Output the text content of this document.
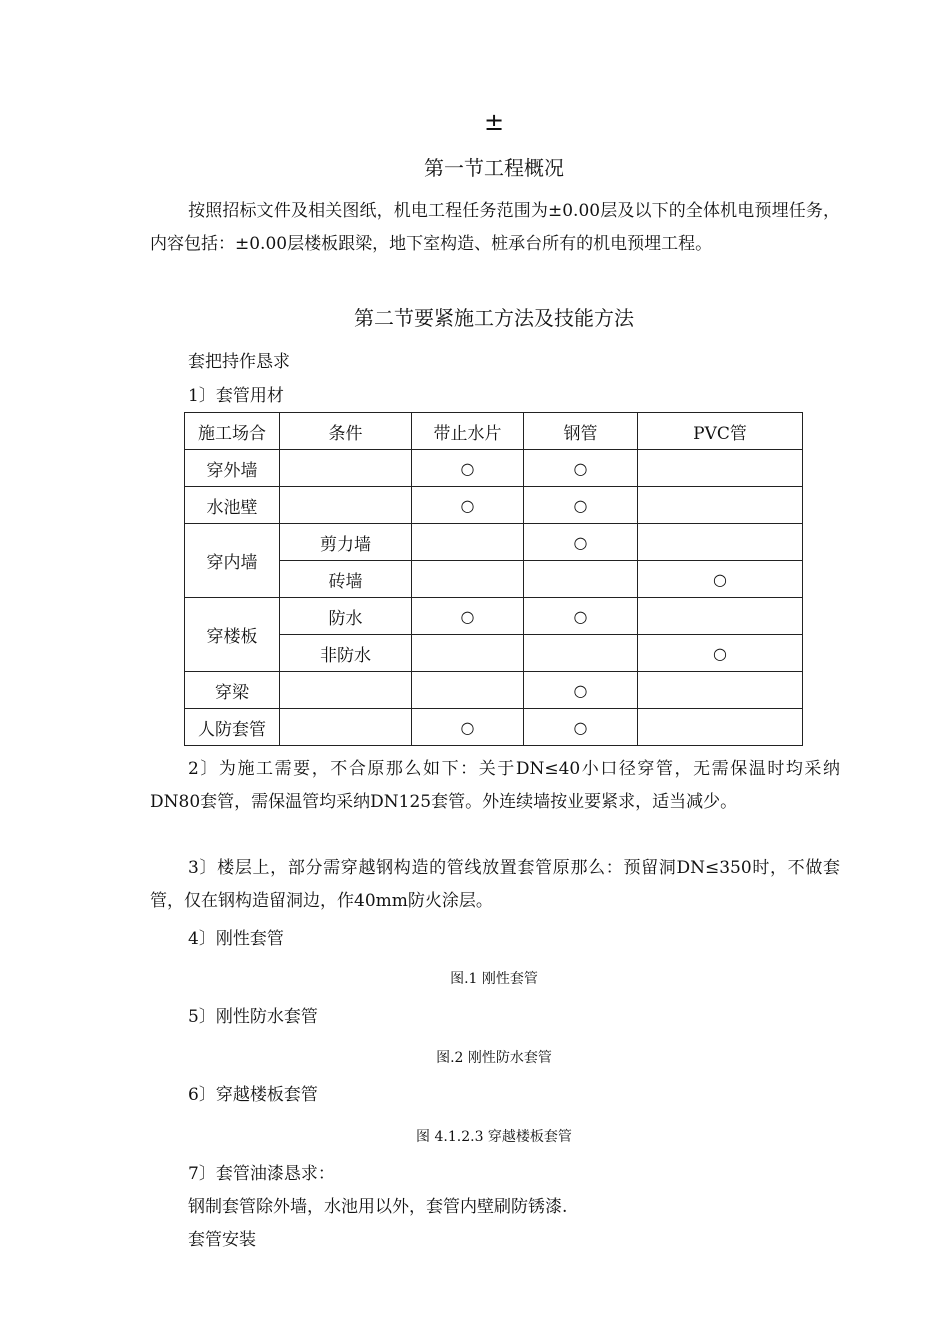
±
第一节工程概况
按照招标文件及相关图纸，机电工程任务范围为±0.00层及以下的全体机电预埋任务，内容包括：±0.00层楼板跟梁，地下室构造、桩承台所有的机电预埋工程。
第二节要紧施工方法及技能方法
套把持作恳求
1〕套管用材
施工场合	条件	带止水片	钢管	PVC管
穿外墙		○	○	
水池壁		○	○	
穿内墙	剪力墙		○	
	砖墙			○
穿楼板	防水	○	○	
	非防水			○
穿梁			○	
人防套管		○	○	
2〕为施工需要，不合原那么如下：关于DN≤40小口径穿管，无需保温时均采纳DN80套管，需保温管均采纳DN125套管。外连续墙按业要紧求，适当减少。
3〕楼层上，部分需穿越钢构造的管线放置套管原那么：预留洞DN≤350时，不做套管，仅在钢构造留洞边，作40mm防火涂层。
4〕刚性套管
图.1 刚性套管
5〕刚性防水套管
图.2 刚性防水套管
6〕穿越楼板套管
图 4.1.2.3 穿越楼板套管
7〕套管油漆恳求：
钢制套管除外墙，水池用以外，套管内壁刷防锈漆.
套管安装
